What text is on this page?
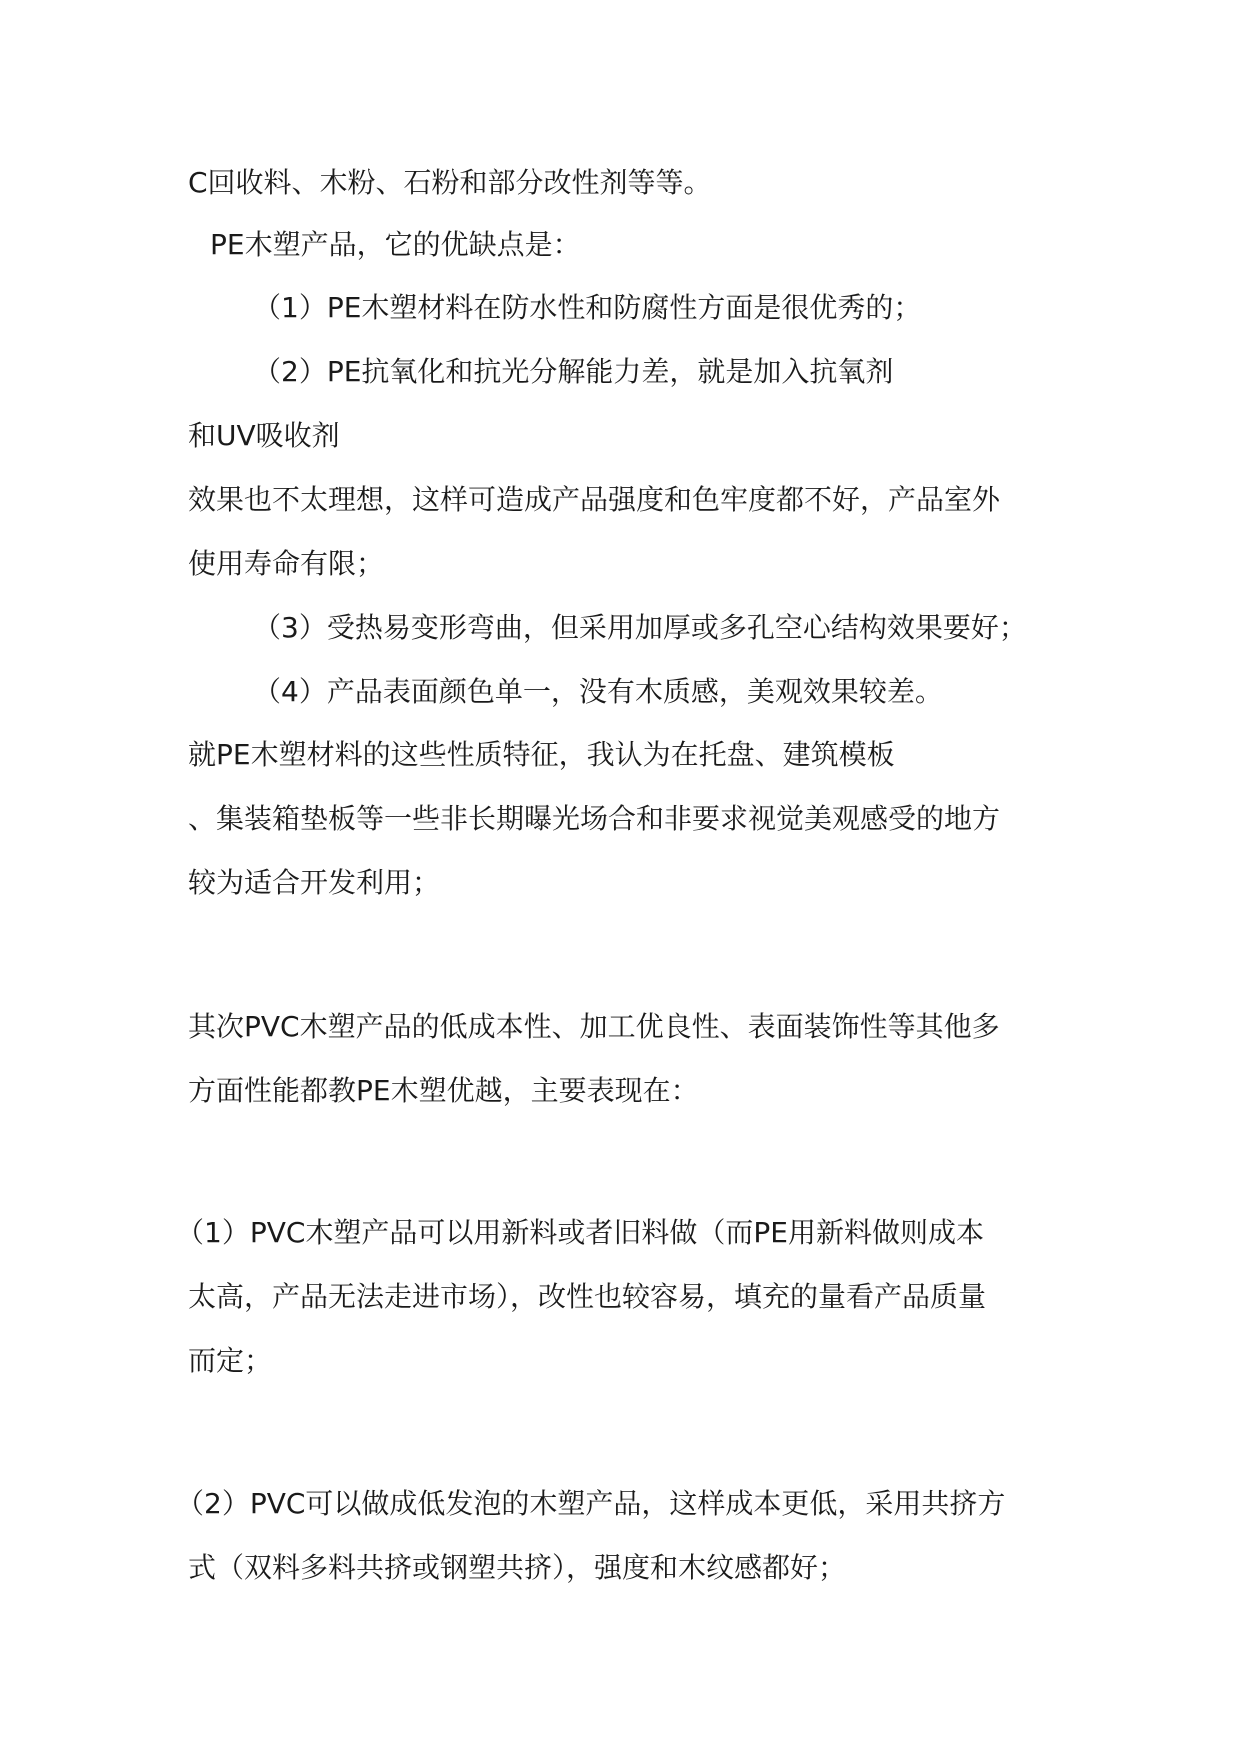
C回收料、木粉、石粉和部分改性剂等等。
PE木塑产品，它的优缺点是：
（1）PE木塑材料在防水性和防腐性方面是很优秀的；
（2）PE抗氧化和抗光分解能力差，就是加入抗氧剂
和UV吸收剂
效果也不太理想，这样可造成产品强度和色牢度都不好，产品室外
使用寿命有限；
（3）受热易变形弯曲，但采用加厚或多孔空心结构效果要好；
（4）产品表面颜色单一，没有木质感，美观效果较差。
就PE木塑材料的这些性质特征，我认为在托盘、建筑模板
、集装箱垫板等一些非长期曝光场合和非要求视觉美观感受的地方
较为适合开发利用；
其次PVC木塑产品的低成本性、加工优良性、表面装饰性等其他多
方面性能都教PE木塑优越，主要表现在：
（1）PVC木塑产品可以用新料或者旧料做（而PE用新料做则成本
太高，产品无法走进市场），改性也较容易，填充的量看产品质量
而定；
（2）PVC可以做成低发泡的木塑产品，这样成本更低，采用共挤方
式（双料多料共挤或钢塑共挤），强度和木纹感都好；
